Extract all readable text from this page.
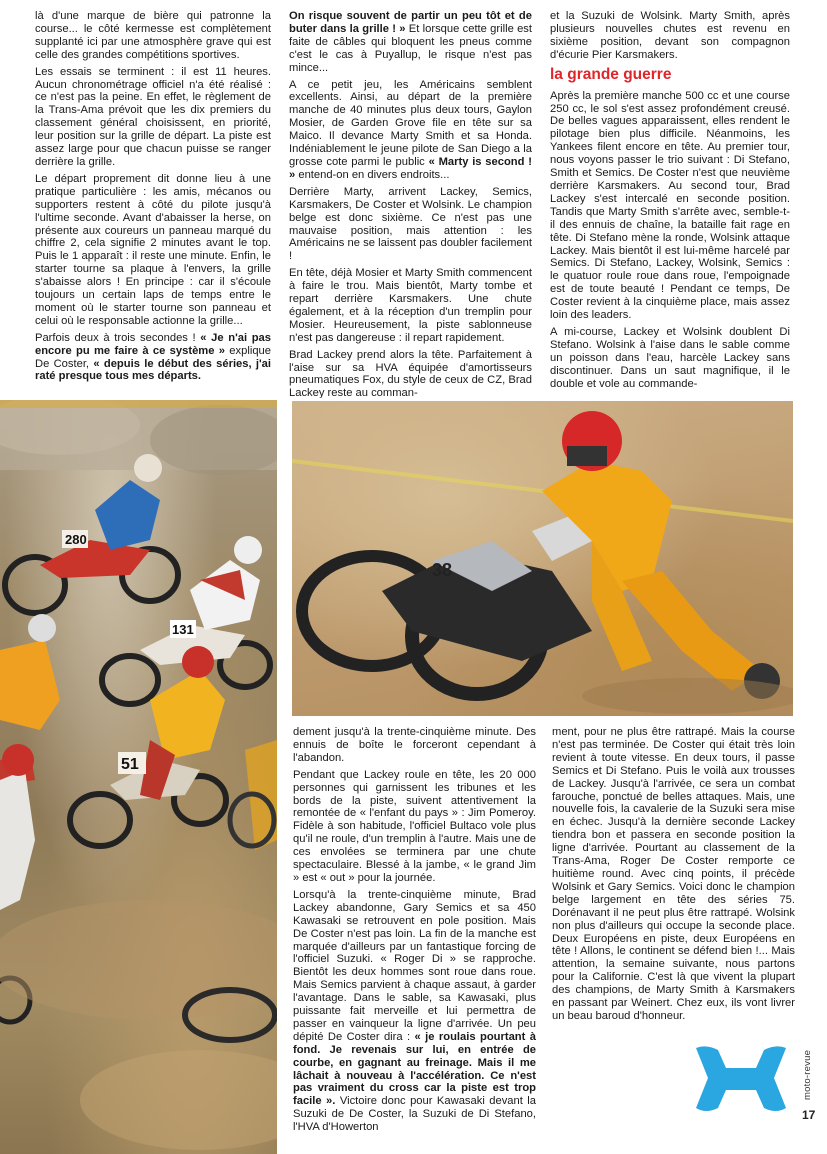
là d'une marque de bière qui patronne la course... le côté kermesse est complètement supplanté ici par une atmosphère grave qui est celle des grandes compétitions sportives.

Les essais se terminent : il est 11 heures. Aucun chronométrage officiel n'a été réalisé : ce n'est pas la peine. En effet, le règlement de la Trans-Ama prévoit que les dix premiers du classement général choisissent, en priorité, leur position sur la grille de départ. La piste est assez large pour que chacun puisse se ranger derrière la grille.

Le départ proprement dit donne lieu à une pratique particulière : les amis, mécanos ou supporters restent à côté du pilote jusqu'à l'ultime seconde. Avant d'abaisser la herse, on présente aux coureurs un panneau marqué du chiffre 2, cela signifie 2 minutes avant le top. Puis le 1 apparaît : il reste une minute. Enfin, le starter tourne sa plaque à l'envers, la grille s'abaisse alors ! En principe : car il s'écoule toujours un certain laps de temps entre le moment où le starter tourne son panneau et celui où le responsable actionne la grille...

Parfois deux à trois secondes ! « Je n'ai pas encore pu me faire à ce système » explique De Coster, « depuis le début des séries, j'ai raté presque tous mes départs.

On risque souvent de partir un peu tôt et de buter dans la grille ! » Et lorsque cette grille est faite de câbles qui bloquent les pneus comme c'est le cas à Puyallup, le risque n'est pas mince...

A ce petit jeu, les Américains semblent excellents. Ainsi, au départ de la première manche de 40 minutes plus deux tours, Gaylon Mosier, de Garden Grove file en tête sur sa Maico. Il devance Marty Smith et sa Honda. Indéniablement le jeune pilote de San Diego a la grosse cote parmi le public « Marty is second ! » entend-on en divers endroits...

Derrière Marty, arrivent Lackey, Semics, Karsmakers, De Coster et Wolsink. Le champion belge est donc sixième. Ce n'est pas une mauvaise position, mais attention : les Américains ne se laissent pas doubler facilement !

En tête, déjà Mosier et Marty Smith commencent à faire le trou. Mais bientôt, Marty tombe et repart derrière Karsmakers. Une chute également, et à la réception d'un tremplin pour Mosier. Heureusement, la piste sablonneuse n'est pas dangereuse : il repart rapidement.

Brad Lackey prend alors la tête. Parfaitement à l'aise sur sa HVA équipée d'amortisseurs pneumatiques Fox, du style de ceux de CZ, Brad Lackey reste au comman-

et la Suzuki de Wolsink. Marty Smith, après plusieurs nouvelles chutes est revenu en sixième position, devant son compagnon d'écurie Pier Karsmakers.

la grande guerre

Après la première manche 500 cc et une course 250 cc, le sol s'est assez profondément creusé. De belles vagues apparaissent, elles rendent le pilotage bien plus difficile. Néanmoins, les Yankees filent encore en tête. Au premier tour, nous voyons passer le trio suivant : Di Stefano, Smith et Semics. De Coster n'est que neuvième derrière Karsmakers. Au second tour, Brad Lackey s'est intercalé en seconde position. Tandis que Marty Smith s'arrête avec, semble-t-il des ennuis de chaîne, la bataille fait rage en tête. Di Stefano mène la ronde, Wolsink attaque Lackey. Mais bientôt il est lui-même harcelé par Semics. Di Stefano, Lackey, Wolsink, Semics : le quatuor roule roue dans roue, l'empoignade est de toute beauté ! Pendant ce temps, De Coster revient à la cinquième place, mais assez loin des leaders.

A mi-course, Lackey et Wolsink doublent Di Stefano. Wolsink à l'aise dans le sable comme un poisson dans l'eau, harcèle Lackey sans discontinuer. Dans un saut magnifique, il le double et vole au commande-

280
131
51
38

dement jusqu'à la trente-cinquième minute. Des ennuis de boîte le forceront cependant à l'abandon.

Pendant que Lackey roule en tête, les 20 000 personnes qui garnissent les tribunes et les bords de la piste, suivent attentivement la remontée de « l'enfant du pays » : Jim Pomeroy. Fidèle à son habitude, l'officiel Bultaco vole plus qu'il ne roule, d'un tremplin à l'autre. Mais une de ces envolées se terminera par une chute spectaculaire. Blessé à la jambe, « le grand Jim » est « out » pour la journée.

Lorsqu'à la trente-cinquième minute, Brad Lackey abandonne, Gary Semics et sa 450 Kawasaki se retrouvent en pole position. Mais De Coster n'est pas loin. La fin de la manche est marquée d'ailleurs par un fantastique forcing de l'officiel Suzuki. « Roger Di » se rapproche. Bientôt les deux hommes sont roue dans roue. Mais Semics parvient à chaque assaut, à garder l'avantage. Dans le sable, sa Kawasaki, plus puissante fait merveille et lui permettra de passer en vainqueur la ligne d'arrivée. Un peu dépité De Coster dira : « je roulais pourtant à fond. Je revenais sur lui, en entrée de courbe, en gagnant au freinage. Mais il me lâchait à nouveau à l'accélération. Ce n'est pas vraiment du cross car la piste est trop facile ». Victoire donc pour Kawasaki devant la Suzuki de De Coster, la Suzuki de Di Stefano, l'HVA d'Howerton

ment, pour ne plus être rattrapé. Mais la course n'est pas terminée. De Coster qui était très loin revient à toute vitesse. En deux tours, il passe Semics et Di Stefano. Puis le voilà aux trousses de Lackey. Jusqu'à l'arrivée, ce sera un combat farouche, ponctué de belles attaques. Mais, une nouvelle fois, la cavalerie de la Suzuki sera mise en échec. Jusqu'à la dernière seconde Lackey tiendra bon et passera en seconde position la ligne d'arrivée. Pourtant au classement de la Trans-Ama, Roger De Coster remporte ce huitième round. Avec cinq points, il précède Wolsink et Gary Semics. Voici donc le champion belge largement en tête des séries 75. Dorénavant il ne peut plus être rattrapé. Wolsink non plus d'ailleurs qui occupe la seconde place. Deux Européens en piste, deux Européens en tête ! Allons, le continent se défend bien !... Mais attention, la semaine suivante, nous partons pour la Californie. C'est là que vivent la plupart des champions, de Marty Smith à Karsmakers en passant par Weinert. Chez eux, ils vont livrer un beau baroud d'honneur.

moto-revue
17
